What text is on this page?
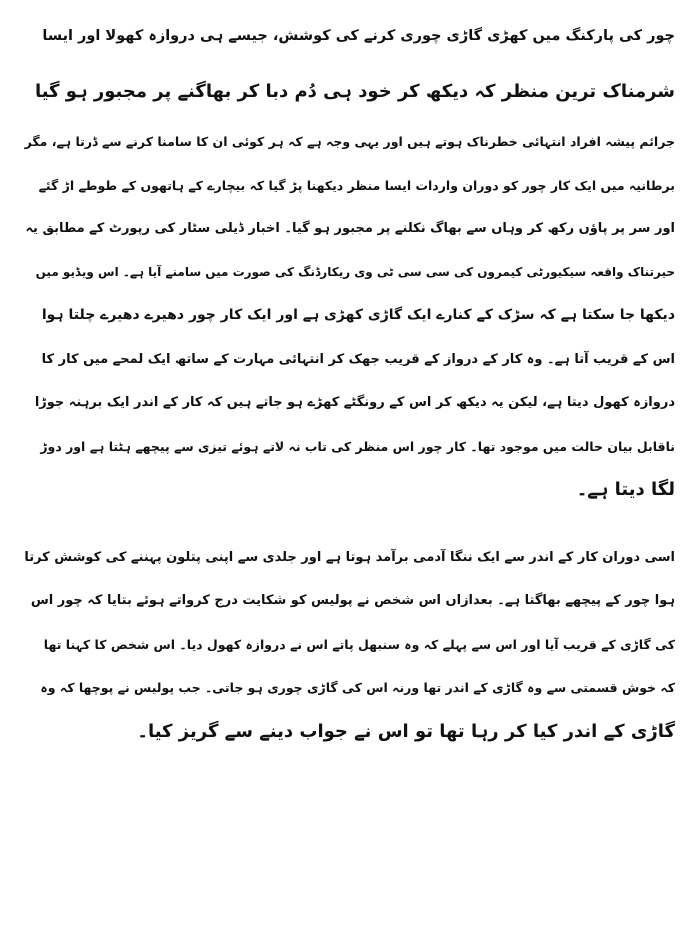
چور کی پارکنگ میں کھڑی گاڑی چوری کرنے کی کوشش، جیسے ہی دروازہ کھولا اور ایسا
شرمناک ترین منظر کہ دیکھ کر خود ہی دُم دبا کر بھاگنے پر مجبور ہو گیا
جرائم پیشہ افراد انتہائی خطرناک ہوتے ہیں اور یہی وجہ ہے کہ ہر کوئی ان کا سامنا کرنے سے ڈرتا ہے، مگر
برطانیہ میں ایک کار چور کو دوران واردات ایسا منظر دیکھنا پڑ گیا کہ بیچارے کے ہاتھوں کے طوطے اڑ گئے
اور سر پر پاؤں رکھ کر وہاں سے بھاگ نکلنے پر مجبور ہو گیا۔ اخبار ڈیلی سٹار کی رپورٹ کے مطابق یہ
حیرتناک واقعہ سیکیورٹی کیمروں کی سی سی ٹی وی ریکارڈنگ کی صورت میں سامنے آیا ہے۔ اس ویڈیو میں
دیکھا جا سکتا ہے کہ سڑک کے کنارے ایک گاڑی کھڑی ہے اور ایک کار چور دھیرے دھیرے چلتا ہوا
اس کے قریب آتا ہے۔ وہ کار کے درواز کے قریب جھک کر انتہائی مہارت کے ساتھ ایک لمحے میں کار کا
دروازہ کھول دیتا ہے، لیکن یہ دیکھ کر اس کے رونگٹے کھڑے ہو جاتے ہیں کہ کار کے اندر ایک برہنہ جوڑا
ناقابل بیان حالت میں موجود تھا۔ کار چور اس منظر کی تاب نہ لاتے ہوئے تیزی سے پیچھے ہٹتا ہے اور دوڑ
لگا دیتا ہے۔
اسی دوران کار کے اندر سے ایک ننگا آدمی برآمد ہوتا ہے اور جلدی سے اپنی پتلون پہننے کی کوشش کرتا
ہوا چور کے پیچھے بھاگتا ہے۔ بعدازاں اس شخص نے پولیس کو شکایت درج کرواتے ہوئے بتایا کہ چور اس
کی گاڑی کے قریب آیا اور اس سے پہلے کہ وہ سنبھل پاتے اس نے دروازہ کھول دیا۔ اس شخص کا کہنا تھا
کہ خوش قسمتی سے وہ گاڑی کے اندر تھا ورنہ اس کی گاڑی چوری ہو جاتی۔ جب پولیس نے پوچھا کہ وہ
گاڑی کے اندر کیا کر رہا تھا تو اس نے جواب دینے سے گریز کیا۔
